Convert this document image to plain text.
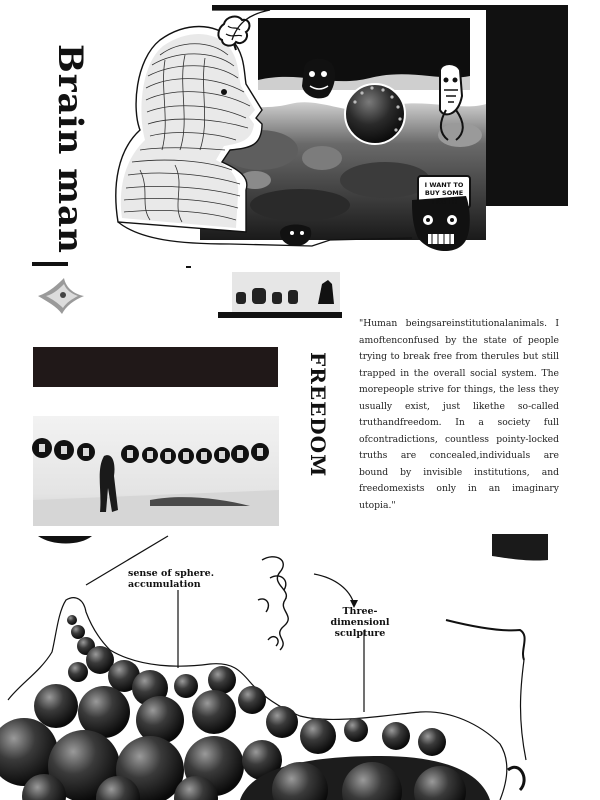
I WANT TO
BUY SOME
TRUTH
Brain man
FREEDOM

"Human beingsareinstitutionalanimals. I amoftenconfused by the state of people trying to break free from therules but still trapped in the overall social system. The morepeople strive for things, the less they usually exist, just likethe so-called truthandfreedom. In a society full ofcontradictions, countless pointy-locked truths are concealed,individuals are bound by invisible institutions, and freedomexists only in an imaginary utopia."

sense of sphere. accumulation
Three-dimensionl sculpture
